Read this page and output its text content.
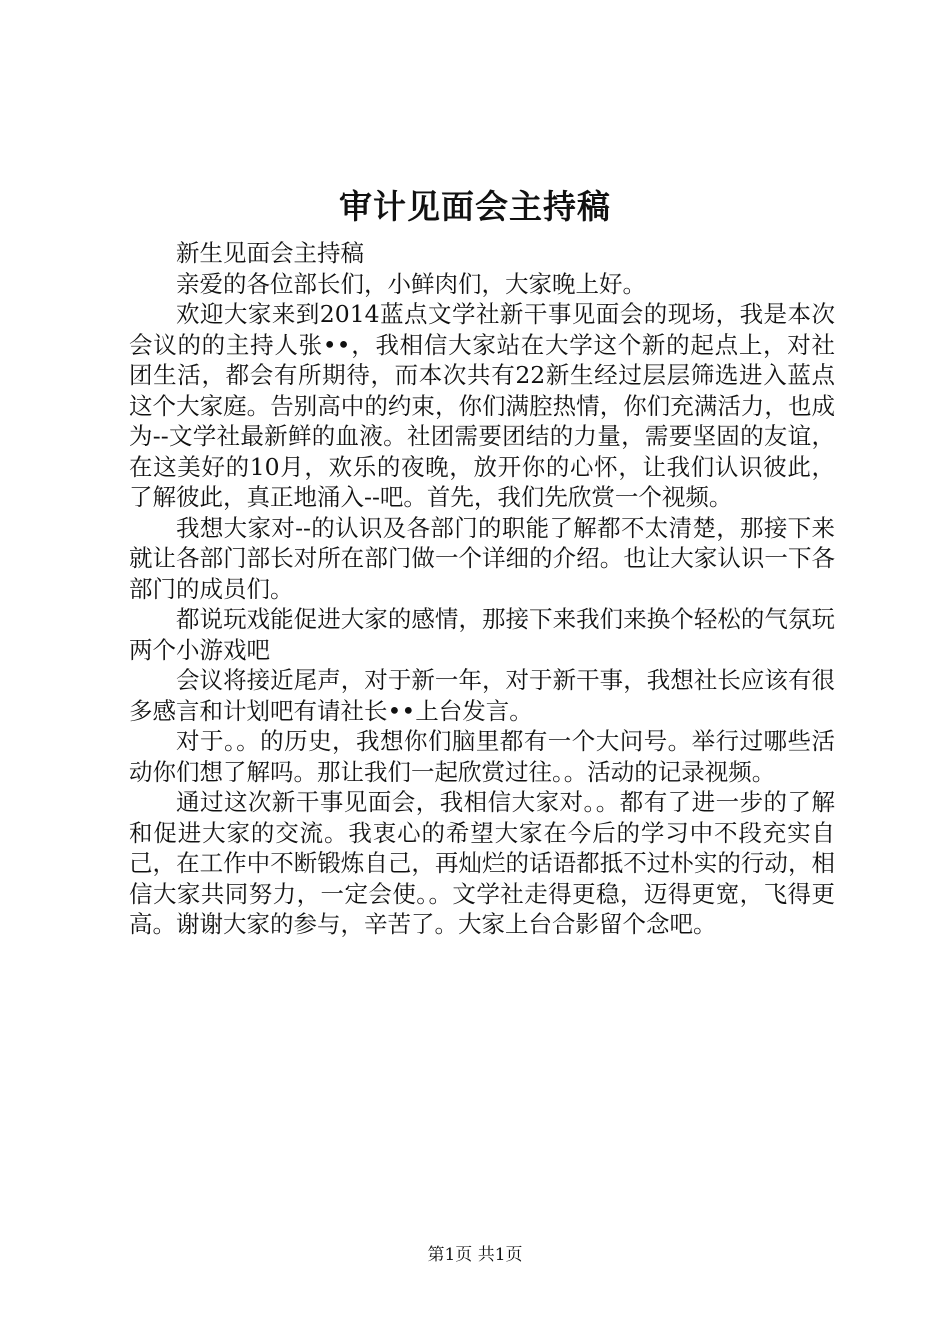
审计见面会主持稿

新生见面会主持稿

亲爱的各位部长们，小鲜肉们，大家晚上好。

欢迎大家来到2014蓝点文学社新干事见面会的现场，我是本次会议的的主持人张••，我相信大家站在大学这个新的起点上，对社团生活，都会有所期待，而本次共有22新生经过层层筛选进入蓝点这个大家庭。告别高中的约束，你们满腔热情，你们充满活力，也成为--文学社最新鲜的血液。社团需要团结的力量，需要坚固的友谊，在这美好的10月，欢乐的夜晚，放开你的心怀，让我们认识彼此，了解彼此，真正地涌入--吧。首先，我们先欣赏一个视频。

我想大家对--的认识及各部门的职能了解都不太清楚，那接下来就让各部门部长对所在部门做一个详细的介绍。也让大家认识一下各部门的成员们。

都说玩戏能促进大家的感情，那接下来我们来换个轻松的气氛玩两个小游戏吧

会议将接近尾声，对于新一年，对于新干事，我想社长应该有很多感言和计划吧有请社长••上台发言。

对于。。的历史，我想你们脑里都有一个大问号。举行过哪些活动你们想了解吗。那让我们一起欣赏过往。。活动的记录视频。

通过这次新干事见面会，我相信大家对。。都有了进一步的了解和促进大家的交流。我衷心的希望大家在今后的学习中不段充实自己，在工作中不断锻炼自己，再灿烂的话语都抵不过朴实的行动，相信大家共同努力，一定会使。。文学社走得更稳，迈得更宽，飞得更高。谢谢大家的参与，辛苦了。大家上台合影留个念吧。

第1页 共1页
